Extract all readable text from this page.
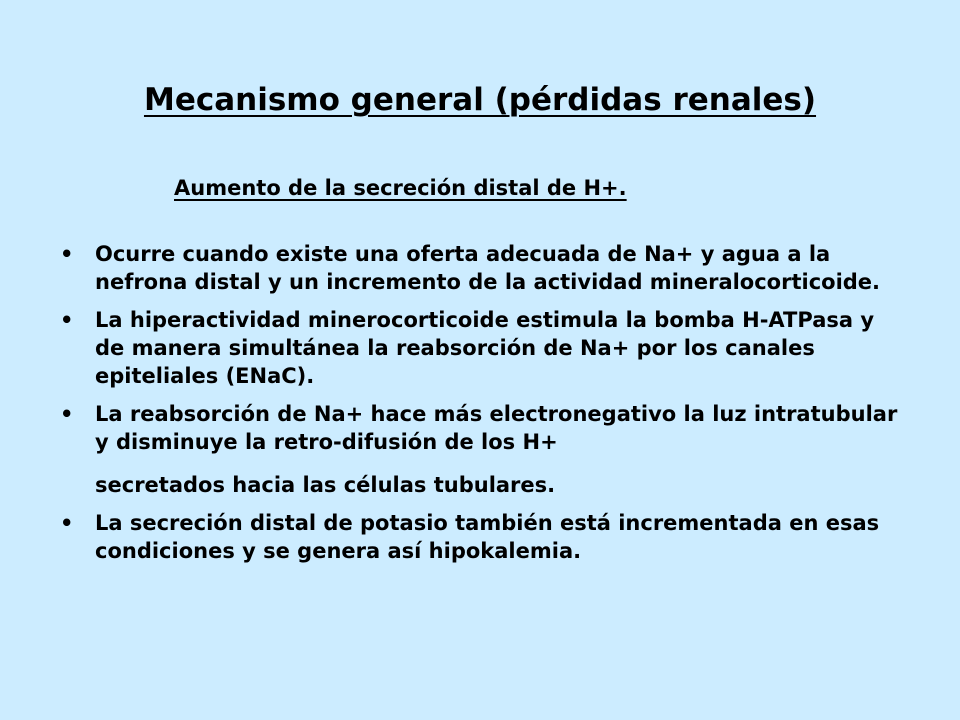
Mecanismo general (pérdidas renales)

Aumento de la secreción distal de H+.

•	Ocurre cuando existe una oferta adecuada de Na+ y agua a la nefrona distal y un incremento de la actividad mineralocorticoide.
•	La hiperactividad minerocorticoide estimula la bomba H-ATPasa y de manera simultánea la reabsorción de Na+ por los canales epiteliales (ENaC).
•	La reabsorción de Na+ hace más electronegativo la luz intratubular y disminuye la retro-difusión de los H+
secretados hacia las células tubulares.
•	La secreción distal de potasio también está incrementada en esas condiciones y se genera así hipokalemia.
